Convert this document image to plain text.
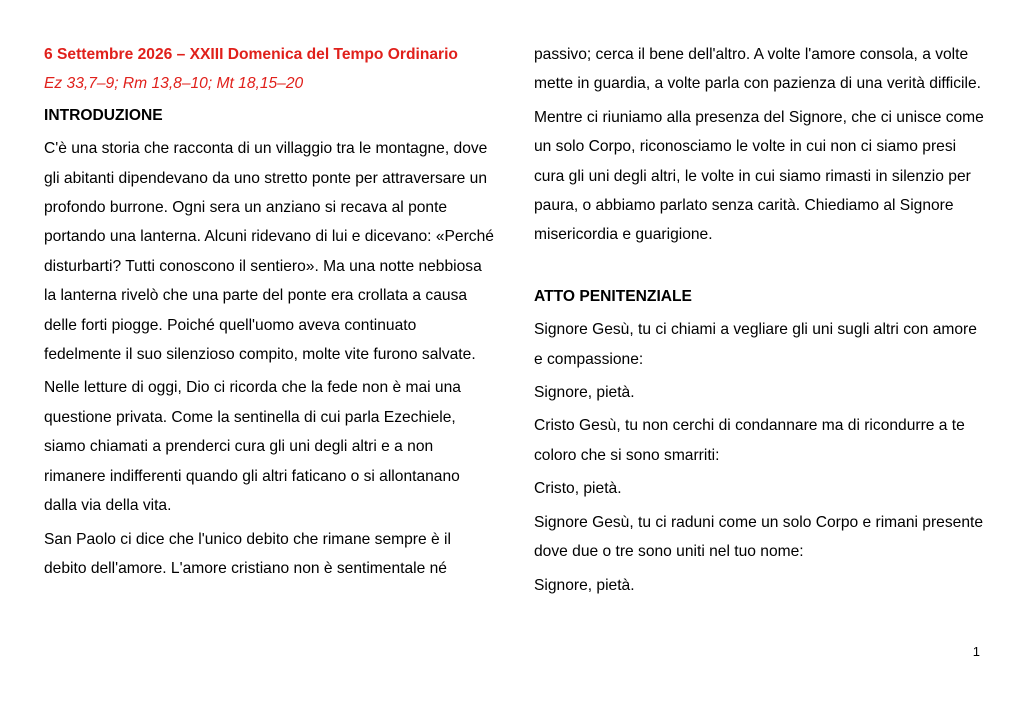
6 Settembre 2026 – XXIII Domenica del Tempo Ordinario
Ez 33,7–9; Rm 13,8–10; Mt 18,15–20
INTRODUZIONE

C'è una storia che racconta di un villaggio tra le montagne, dove gli abitanti dipendevano da uno stretto ponte per attraversare un profondo burrone. Ogni sera un anziano si recava al ponte portando una lanterna. Alcuni ridevano di lui e dicevano: «Perché disturbarti? Tutti conoscono il sentiero». Ma una notte nebbiosa la lanterna rivelò che una parte del ponte era crollata a causa delle forti piogge. Poiché quell'uomo aveva continuato fedelmente il suo silenzioso compito, molte vite furono salvate.

Nelle letture di oggi, Dio ci ricorda che la fede non è mai una questione privata. Come la sentinella di cui parla Ezechiele, siamo chiamati a prenderci cura gli uni degli altri e a non rimanere indifferenti quando gli altri faticano o si allontanano dalla via della vita.

San Paolo ci dice che l'unico debito che rimane sempre è il debito dell'amore. L'amore cristiano non è sentimentale né

passivo; cerca il bene dell'altro. A volte l'amore consola, a volte mette in guardia, a volte parla con pazienza di una verità difficile.

Mentre ci riuniamo alla presenza del Signore, che ci unisce come un solo Corpo, riconosciamo le volte in cui non ci siamo presi cura gli uni degli altri, le volte in cui siamo rimasti in silenzio per paura, o abbiamo parlato senza carità. Chiediamo al Signore misericordia e guarigione.

ATTO PENITENZIALE

Signore Gesù, tu ci chiami a vegliare gli uni sugli altri con amore e compassione:

Signore, pietà.

Cristo Gesù, tu non cerchi di condannare ma di ricondurre a te coloro che si sono smarriti:

Cristo, pietà.

Signore Gesù, tu ci raduni come un solo Corpo e rimani presente dove due o tre sono uniti nel tuo nome:

Signore, pietà.
1
